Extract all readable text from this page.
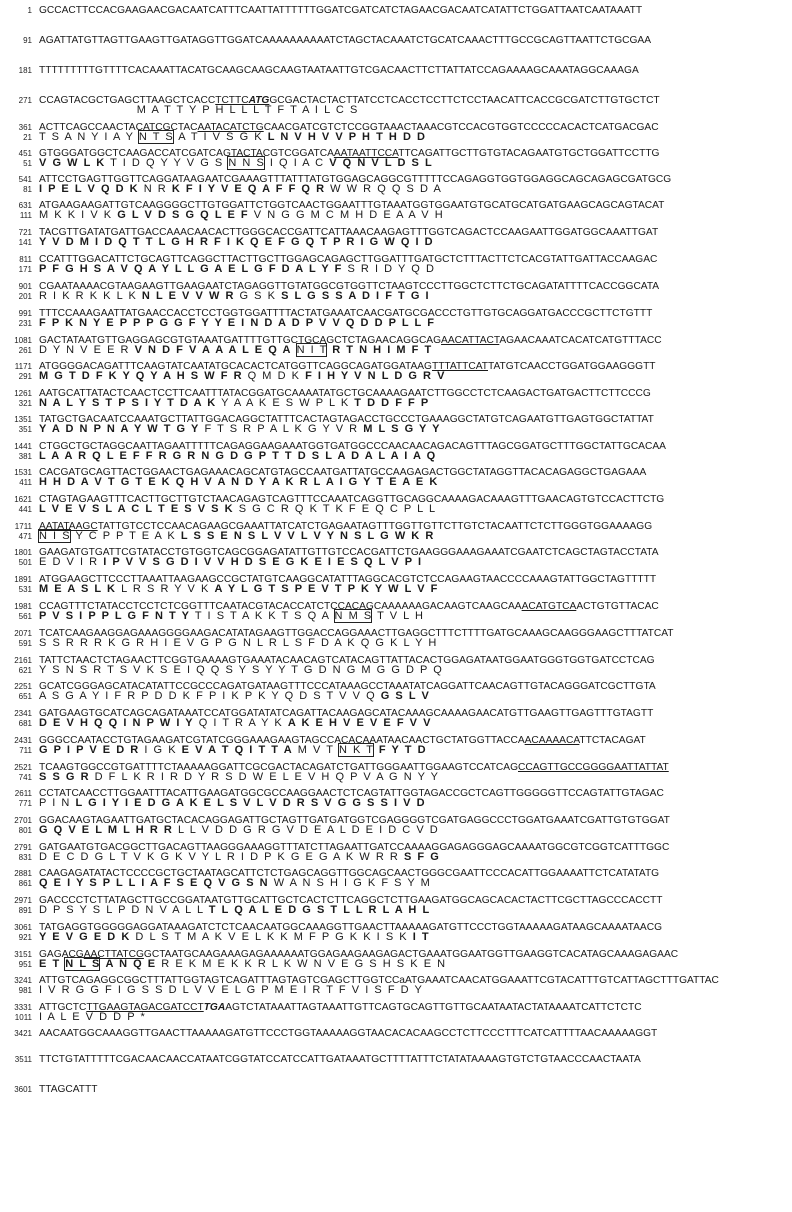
1 GCCACTTCCACGAAGAACGACAATCATTTCAATTATTTTTTGGATCGATCATCTAGAACGACAATCATATTCTGGATTAATCAATAAATT
91 AGATTATGTTAGTTGAAGTTGATAGGTTGGATCAAAAAAAAAATCTAGCTACAAATCTGCATCAAACTTTGCCGCAGTTAATTCTGCGAA
181 TTTTTTTTTGTTTTCACAAATTACATGCAAGCAAGCAAGTAATAATTGTCGACAACTTCTTATTATCCAGAAAAGCAAATAGGCAAAGA
271 CCAGTACGCTGAGCTTAAGCTCACCTCTTCATGGCGACTACTACTTATCCTCACCTCCTTCTCCTAACATTCACCGCGATCTTGTGCTCT
M  A  T  T  Y  P  H  L  L  L  T  F  T  A  I  L  C  S
361 ACTTCAGCCAACTACATCGCTACAATACATCTGCAACGATCGTCTCCGGTAAACTAAACGTCCACGTGGTCCCCCACACTCATGACGAC
21 T  S  A  N  Y  I  A  Y  N  T  S  A  T  I  V  S  G  K  L  N  V  H  V  V  P  H  T  H  D  D
451 GTGGGATGGCTCAAGACCATCGATCAGTACTACGTCGGATCAAATAATTCCATTCAGATTGCTTGTGTACAGAATGTGCTGGATTCCTTG
51 V  G  W  L  K  T  I  D  Q  Y  Y  V  G  S  N  N  S  I  Q  I  A  C  V  Q  N  V  L  D  S  L
541 ATTCCTGAGTTGGTTCAGGATAAGAATCGAAAGTTTATTTATGTGGAGCAGGCGTTTTTCCAGAGGTGGTGGAGGCAGCAGAGCGATGCG
81 I  P  E  L  V  Q  D  K  N  R  K  F  I  Y  V  E  Q  A  F  F  Q  R  W  W  R  Q  Q  S  D  A
631 ATGAAGAAGATTGTCAAGGGGCTTGTGGATTCTGGTCAACTGGAATTTGTAAATGGTGGAATGTGCATGCATGATGAAGCAGCAGTACAT
111 M  K  K  I  V  K  G  L  V  D  S  G  Q  L  E  F  V  N  G  G  M  C  M  H  D  E  A  A  V  H
721 TACGTTGATATGATTGACCAAACAACACTTGGGCACCGATTCATTAAACAAGAGTTTGGTCAGACTCCAAGAATTGGATGGCAAATTGAT
141 Y  V  D  M  I  D  Q  T  T  L  G  H  R  F  I  K  Q  E  F  G  Q  T  P  R  I  G  W  Q  I  D
811 CCATTTGGACATTCTGCAGTTCAGGCTTACTTGCTTGGAGCAGAGCTTGGATTTGATGCTCTTTACTTCTCACGTATTGATTACCAAGAC
171 P  F  G  H  S  A  V  Q  A  Y  L  L  G  A  E  L  G  F  D  A  L  Y  F  S  R  I  D  Y  Q  D
901 CGAATAAAACGTAAGAAGTTGAAGAATCTAGAGGTTGTATGGCGTGGTTCTAAGTCCCTTGGCTCTTCTGCAGATATTTTCACCGGCATA
201 R  I  K  R  K  K  L  K  N  L  E  V  V  W  R  G  S  K  S  L  G  S  S  A  D  I  F  T  G  I
991 TTTCCAAAGAATTATGAACCACCTCCTGGTGGATTTTACTATGAAATCAACGATGCGACCCTGTTGTGCAGGATGACCCGCTTCTGTTT
231 F  P  K  N  Y  E  P  P  P  G  G  F  Y  Y  E  I  N  D  A  D  P  V  V  Q  D  D  P  L  L  F
1081 GACTATAATGTTGAGGAGCGTGTAAATGATTTTGTTGCTGCAGCTCTAGAACAGGCAGAACATTACTAGAACAAATCACATCATGTTTACC
261 D  Y  N  V  E  E  R  V  N  D  F  V  A  A  A  L  E  Q  A N  I  T R  T  N  H  I  M  F  T
1171 ATGGGGACAGATTTCAAGTATCAATATGCACACTCATGGTTCAGGCAGATGGATAAGTTTATTCATTATGTCAACCTGGATGGAAGGGTT
291 M  G  T  D  F  K  Y  Q  Y  A  H  S  W  F  R  Q  M  D  K  F  I  H  Y  V  N  L  D  G  R  V
1261 AATGCATTATACTCAACTCCTTCAATTTATACGGATGCAAAATATGCTGCAAAAGAATCTTGGCCTCTCAAGACTGATGACTTCTTCCCG
321 N  A  L  Y  S  T  P  S  I  Y  T  D  A  K  Y  A  A  K  E  S  W  P  L  K  T  D  D  F  F  P
1351 TATGCTGACAATCCAAATGCTTATTGGACAGGCTATTTCACTAGTAGACCTGCCCTGAAAGGCTATGTCAGAATGTTGAGTGGCTATTAT
351 Y  A  D  N  P  N  A  Y  W  T  G  Y  F  T  S  R  P  A  L  K  G  Y  V  R  M  L  S  G  Y  Y
1441 CTGGCTGCTAGGCAATTAGAATTTTTCAGAGGAAGAAATGGTGATGGCCCAACAACAGACAGTTTAGCGGATGCTTTGGCTATTGCACAA
381 L  A  A  R  Q  L  E  F  F  R  G  R  N  G  D  G  P  T  T  D  S  L  A  D  A  L  A  I  A  Q
1531 CACGATGCAGTTACTGGAACTGAGAAACAGCATGTAGCCAATGATTATGCCAAGAGACTGGCTATAGGTTACACAGAGGCTGAGAAA
411 H  H  D  A  V  T  G  T  E  K  Q  H  V  A  N  D  Y  A  K  R  L  A  I  G  Y  T  E  A  E  K
1621 CTAGTAGAAGTTTCACTTGCTTGTCTAACAGAGTCAGTTTCCAAATCAGGTTGCAGGCAAAAGACAAAGTTTGAACAGTGTCCACTTCTG
441 L  V  E  V  S  L  A  C  L  T  E  S  V  S  K  S  G  C  R  Q  K  T  K  F  E  Q  C  P  L  L
1711 AATATAAGCTATTGTCCTCCAACAGAAGCGAAATTATCATCTGAGAATAGTTTGGTTGTTCTTGTCTACAATTCTCTTGGGTGGAAAAGG
471 N  I  S  Y  C  P  P  T  E  A  K  L  S  S  E  N  S  L  V  V  L  V  Y  N  S  L  G  W  K  R
1801 GAAGATGTGATTCGTATACCTGTGGTCAGCGGAGATATTGTTGTCCACGATTCTGAAGGGAAAGAAATCGAATCTCAGCTAGTACCTATA
501 E  D  V  I  R  I  P  V  V  S  G  D  I  V  V  H  D  S  E  G  K  E  I  E  S  Q  L  V  P  I
1891 ATGGAAGCTTCCCTTAAATTAAGAAGCCGCTATGTCAAGGCATATTTAGGCACGTCTCCAGAAGTAACCCCAAAGTATTGGCTAGTTTTT
531 M  E  A  S  L  K  L  R  S  R  Y  V  K  A  Y  L  G  T  S  P  E  V  T  P  K  Y  W  L  V  F
1981 CCAGTTTCTATACCTCCTCTCGGTTTCAATACGTACACCATCTCCACAGCAAAAAAGACAAGTCAAGCAAACATGTCAACTGTGTTACAC
561 P  V  S  I  P  P  L  G  F  N  T  Y  T  I  S  T  A  K  K  T  S  Q  A  N  M  S  T  V  L  H
2071 TCATCAAGAAGGAGAAAGGGGAAGACATATAGAAGTTGGACCAGGAAACTTGAGGCTTTCTTTTGATGCAAAGCAAGGGAAGCTTTATCAT
591 S  S  R  R  R  K  G  R  H  I  E  V  G  P  G  N  L  R  L  S  F  D  A  K  Q  G  K  L  Y  H
2161 TATTCTAACTCTAGAACTTCGGTGAAAAGTGAAATACAACAGTCATACAGTTATTACACTGGAGATAATGGAATGGGTGGTGATCCTCAG
621 Y  S  N  S  R  T  S  V  K  S  E  I  Q  Q  S  Y  S  Y  Y  T  G  D  N  G  M  G  G  D  P  Q
2251 GCATCGGGAGCATACATATTCCGCCCAGATGATAAGTTTCCCATAAAGCCTAAATATCAGGATTCAACAGTTGTACAGGGATCGCTTGTA
651 A  S  G  A  Y  I  F  R  P  D  D  K  F  P  I  K  P  K  Y  Q  D  S  T  V  V  Q  G  S  L  V
2341 GATGAAGTGCATCAGCAGATAAATCCATGGATATATCAGATTACAAGAGCATACAAAGCAAAAGAACATGTTGAAGTTGAGTTTGTAGTT
681 D  E  V  H  Q  Q  I  N  P  W  I  Y  Q  I  T  R  A  Y  K  A  K  E  H  V  E  V  E  F  V  V
2431 GGGCCAATACCTGTAGAAGATCGTATCGGGAAAGAAGTAGCCACACAAATAACAACTGCTATGGTTACCAACAAAACATTCTACAGAT
711 G  P  I  P  V  E  D  R  I  G  K  E  V  A  T  Q  I  T  T  A  M  V  T  N  K  T F  Y  T  D
2521 TCAAGTGGCCGTGATTTTCTAAAAAGGATTCGCGACTACAGATCTGATTGGGAATTGGAAGTCCATCAGCCAGTTGCCGGGGAATTATTAT
741 S  S  G  R  D  F  L  K  R  I  R  D  Y  R  S  D  W  E  L  E  V  H  Q  P  V  A  G  N  Y  Y
2611 CCTATCAACCTTGGAATTTACATTGAAGATGGCGCCAAGGAACTCTCAGTATTGGTAGACCGCTCAGTTGGGGGTTCCAGTATTGTAGAC
771 P  I  N  L  G  I  Y  I  E  D  G  A  K  E  L  S  V  L  V  D  R  S  V  G  G  S  S  I  V  D
2701 GGACAAGTAGAATTGATGCTACACAGGAGATTGCTAGTTGATGATGGTCGAGGGGTCGATGAGGCCCTGGATGAAATCGATTGTGTGGAT
801 G  Q  V  E  L  M  L  H  R  R  L  L  V  D  D  G  R  G  V  D  E  A  L  D  E  I  D  C  V  D
2791 GATGAATGTGACGGCTTGACAGTTAAGGGAAAGGTTTATCTTAGAATTGATCCAAAAGGAGAGGGAGCAAAATGGCGTCGGTCATTTGGC
831 D  E  C  D  G  L  T  V  K  G  K  V  Y  L  R  I  D  P  K  G  E  G  A  K  W  R  R  S  F  G
2881 CAAGAGATATACTCCCCGCTGCTAATAGCATTCTCTGAGCAGGTTGGCAGCAACTGGGCGAATTCCCACATTGGAAAATTCTCATATATG
861 Q  E  I  Y  S  P  L  L  I  A  F  S  E  Q  V  G  S  N  W  A  N  S  H  I  G  K  F  S  Y  M
2971 GACCCCTCTTATAGCTTGCCGGATAATGTTGCATTGCTCACTCTTCAGGCTCTTGAAGATGGCAGCACACTACTTCGCTTAGCCCACCTT
891 D  P  S  Y  S  L  P  D  N  V  A  L  L  T  L  Q  A  L  E  D  G  S  T  L  L  R  L  A  H  L
3061 TATGAGGTGGGGGAGGATAAAGATCTCTCAACAATGGCAAAGGTTGAACTTAAAAAGATGTTCCCTGGTAAAAAGATAAGCAAAATAACG
921 Y  E  V  G  E  D  K  D  L  S  T  M  A  K  V  E  L  K  K  M  F  P  G  K  K  I  S  K  I  T
3151 GAGACGAACTTATCGGCTAATGCAAGAAAGAGAAAAAATGGAGAAGAAGAGACTGAAATGGAATGGTTGAAGGTCACATAGCAAAGAGAAC
951 E  T  N  L  S A  N  Q  E  R  E  K  M  E  K  K  R  L  K  W  N  V  E  G  S  H  S  K  E  N
3241 ATTGTCAGAGGCGGCTTTATTGGTAGTCAGATTTAGTAGTCGAGCTTGGTCCaATGAAATCAACATGGAAATTCGTACATTTGTCATTAGCTTTGATTAC
981 I  V  R  G  G  F  I  G  S  S  D  L  V  V  E  L  G  P  M  E  I  R  T  F  V  I  S  F  D  Y
3331 ATTGCTCTTGAAGTAGACGATCCTTGAAGTCTATAAATTAGTAAATTGTTCAGTGCAGTTGTTGCAATAATACTATAAAATCATTCTCTC
1011 I  A  L  E  V  D  D  P  *
3421 AACAATGGCAAAGGTTGAACTTAAAAAGATGTTCCCTGGTAAAAAGGTAACACACAAGCCTCTTCCCTTTCATCATTTTAACAAAAAGGT
3511 TTCTGTATTTTTCGACAACAACCATAATCGGTATCCATCCATTGATAAATGCTTTTATTTCTATATAAAAGTGTCTGTAACCCAACTAATA
3601 TTAGCATTT
